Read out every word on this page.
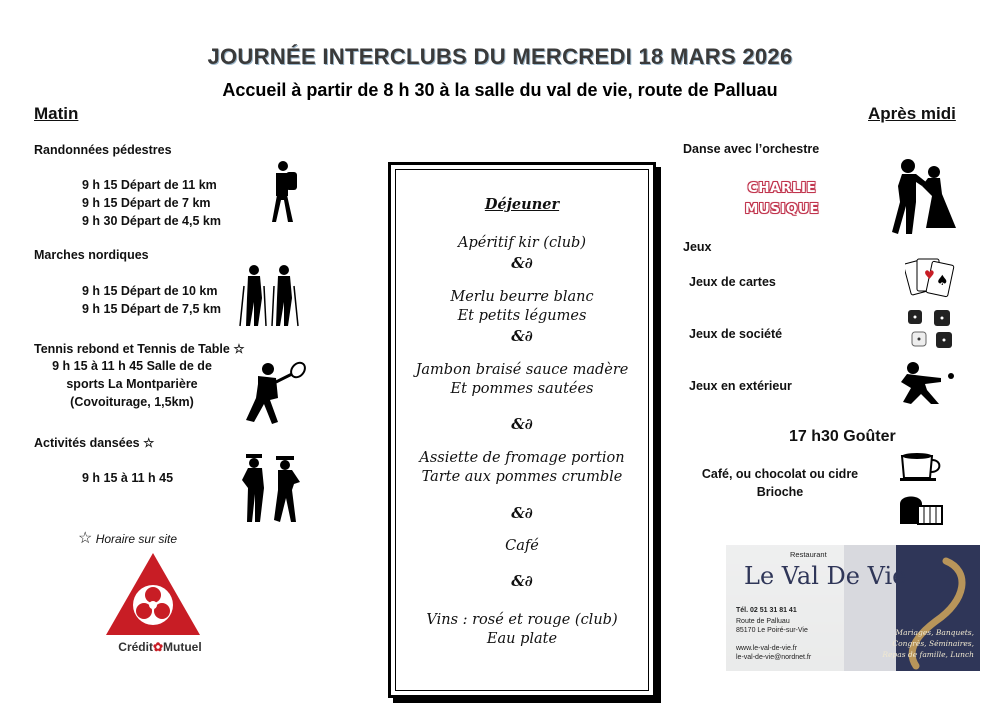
JOURNÉE INTERCLUBS DU MERCREDI 18 MARS 2026
Accueil à partir de 8 h 30 à la salle du val de vie, route de Palluau
Matin
Randonnées pédestres
9 h 15 Départ de 11 km
9 h 15 Départ de 7 km
9 h 30 Départ de 4,5 km
Marches nordiques
9 h 15 Départ de 10 km
9 h 15 Départ de 7,5 km
Tennis rebond et Tennis de Table ☆
9 h 15 à 11 h 45 Salle de de
sports La Montparière
(Covoiturage, 1,5km)
Activités dansées ☆
9 h 15 à 11 h 45
☆ Horaire sur site
Crédit✿Mutuel
Déjeuner
Apéritif kir (club)
&∂
Merlu beurre blanc
Et petits légumes
&∂
Jambon braisé sauce madère
Et pommes sautées
&∂
Assiette de fromage portion
Tarte aux pommes crumble
&∂
Café
&∂
Vins : rosé et rouge (club)
Eau plate
Après midi
Danse avec l’orchestre
CHARLIE
MUSIQUE
Jeux
Jeux de cartes	♥ ♠
Jeux de société
Jeux en extérieur
17 h30 Goûter
Café, ou chocolat ou cidre
Brioche
Restaurant
Le Val De Vie
Tél. 02 51 31 81 41
Route de Palluau
85170 Le Poiré-sur-Vie
www.le-val-de-vie.fr
le-val-de-vie@nordnet.fr
Mariages, Banquets,
Congrès, Séminaires,
Repas de famille, Lunch
